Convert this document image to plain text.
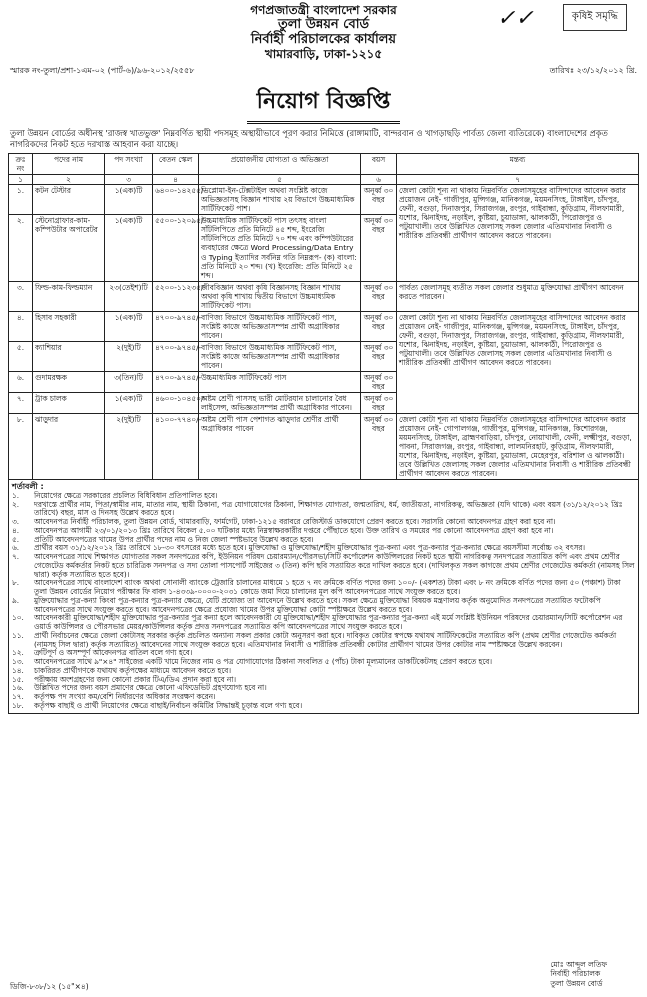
✓✓	কৃষিই সমৃদ্ধি
গণপ্রজাতন্ত্রী বাংলাদেশ সরকার
তুলা উন্নয়ন বোর্ড
নির্বাহী পরিচালকের কার্যালয়
খামারবাড়ি, ঢাকা-১২১৫
স্মারক নং-তুলা/প্রশা-১এম-০২ (পার্ট-৬)/৯৬-২০১২/২৫৫৮	তারিখঃ ২৩/১২/২০১২ খ্রি.
নিয়োগ বিজ্ঞপ্তি
তুলা উন্নয়ন বোর্ডের অধীনস্থ 'রাজস্ব খাতভুক্ত' নিম্নবর্ণিত স্থায়ী পদসমূহ অস্থায়ীভাবে পূরণ করার নিমিত্তে (রাঙ্গামাটি, বান্দরবান ও খাগড়াছড়ি পার্বত্য জেলা ব্যতিরেকে) বাংলাদেশের প্রকৃত নাগরিকদের নিকট হতে দরখাস্ত আহবান করা যাচ্ছে।
ক্রঃ নং	পদের নাম	পদ সংখ্যা	বেতন স্কেল	প্রয়োজনীয় যোগ্যতা ও অভিজ্ঞতা	বয়স	মন্তব্য
১	২	৩	৪	৫	৬	৭
১.	কটন টেস্টার	১(এক)টি	৬৪০০-১৪২৫৫/-	ডিপ্লোমা-ইন-টেক্সটাইল অথবা সংশ্লিষ্ট কাজে অভিজ্ঞতাসহ বিজ্ঞান শাখায় ২য় বিভাগে উচ্চমাধ্যমিক সার্টিফিকেট পাশ।	অনূর্ধ্ব ৩০ বছর	জেলা কোটা শূন্য না থাকায় নিম্নবর্ণিত জেলাসমূহের বাসিন্দাদের আবেদন করার প্রয়োজন নেই- গাজীপুর, মুন্সিগঞ্জ, মানিকগঞ্জ, ময়মনসিংহ, টাঙ্গাইল, চাঁদপুর, ফেনী, বগুড়া, দিনাজপুর, সিরাজগঞ্জ, রংপুর, গাইবান্ধা, কুড়িগ্রাম, নীলফামারী, যশোর, ঝিনাইদহ, নড়াইল, কুষ্টিয়া, চুয়াডাঙ্গা, ঝালকাঠী, পিরোজপুর ও পটুয়াখালী। তবে উল্লিখিত জেলাসহ সকল জেলার এতিমখানার নিবাসী ও শারীরিক প্রতিবন্ধী প্রার্থীগণ আবেদন করতে পারবেন।
২.	স্টেনোগ্রাফার-কাম-কম্পিউটার অপারেটর	১(এক)টি	৫৫০০-১২০৯৫/-	উচ্চমাধ্যমিক সার্টিফিকেট পাস তৎসহ বাংলা সাঁটলিপিতে প্রতি মিনিটে ৪৫ শব্দ, ইংরেজি সাঁটলিপিতে প্রতি মিনিটে ৭০ শব্দ এবং কম্পিউটারের ব্যবহারের ক্ষেত্রে Word Processing/Data Entry ও Typing ইত্যাদির সর্বনিম্ন গতি নিম্নরূপ- (ক) বাংলা: প্রতি মিনিটে ২০ শব্দ। (খ) ইংরেজি: প্রতি মিনিটে ২৫ শব্দ।	অনূর্ধ্ব ৩০ বছর	
৩.	ফিল্ড-কাম-ফিল্ডম্যান	২৩(তেইশ)টি	৫২০০-১১২৩৫/-	জীববিজ্ঞান অথবা কৃষি বিজ্ঞানসহ বিজ্ঞান শাখায় অথবা কৃষি শাখায় দ্বিতীয় বিভাগে উচ্চমাধ্যমিক সার্টিফিকেট পাস।	অনূর্ধ্ব ৩০ বছর	পার্বত্য জেলাসমূহ ব্যতীত সকল জেলার শুধুমাত্র মুক্তিযোদ্ধা প্রার্থীগণ আবেদন করতে পারবেন।
৪.	হিসাব সহকারী	১(এক)টি	৪৭০০-৯৭৪৫/-	বাণিজ্য বিভাগে উচ্চমাধ্যমিক সার্টিফিকেট পাস, সংশ্লিষ্ট কাজে অভিজ্ঞতাসম্পন্ন প্রার্থী অগ্রাধিকার পাবেন।	অনূর্ধ্ব ৩০ বছর	জেলা কোটা শূন্য না থাকায় নিম্নবর্ণিত জেলাসমূহের বাসিন্দাদের আবেদন করার প্রয়োজন নেই- গাজীপুর, মানিকগঞ্জ, মুন্সিগঞ্জ, ময়মনসিংহ, টাঙ্গাইল, চাঁদপুর, ফেনী, বগুড়া, দিনাজপুর, সিরাজগঞ্জ, রংপুর, গাইবান্ধা, কুড়িগ্রাম, নীলফামারী, যশোর, ঝিনাইদহ, নড়াইল, কুষ্টিয়া, চুয়াডাঙ্গা, ঝালকাঠী, পিরোজপুর ও পটুয়াখালী। তবে উল্লিখিত জেলাসহ সকল জেলার এতিমখানার নিবাসী ও শারীরিক প্রতিবন্ধী প্রার্থীগণ আবেদন করতে পারবেন।
৫.	ক্যাশিয়ার	২(দুই)টি	৪৭০০-৯৭৪৫/-	বাণিজ্য বিভাগে উচ্চমাধ্যমিক সার্টিফিকেট পাস, সংশ্লিষ্ট কাজে অভিজ্ঞতাসম্পন্ন প্রার্থী অগ্রাধিকার পাবেন।	অনূর্ধ্ব ৩০ বছর	
৬.	গুদামরক্ষক	৩(তিন)টি	৪৭০০-৯৭৪৫/-	উচ্চমাধ্যমিক সার্টিফিকেট পাস	অনূর্ধ্ব ৩০ বছর	
৭.	ট্রাক চালক	১(এক)টি	৪৬০০-১০৪৫০/-	অষ্টম শ্রেণী পাসসহ ভারী মোটরযান চালানোর বৈধ লাইসেন্স, অভিজ্ঞতাসম্পন্ন প্রার্থী অগ্রাধিকার পাবেন।	অনূর্ধ্ব ৩০ বছর	
৮.	ঝাড়ুদার	২(দুই)টি	৪১০০-৭৭৪০/-	অষ্টম শ্রেণী পাস পেশাগত ঝাড়ুদার শ্রেণীর প্রার্থী অগ্রাধিকার পাবেন	অনূর্ধ্ব ৩০ বছর	জেলা কোটা শূন্য না থাকায় নিম্নবর্ণিত জেলাসমূহের বাসিন্দাদের আবেদন করার প্রয়োজন নেই- গোপালগঞ্জ, গাজীপুর, মুন্সিগঞ্জ, মানিকগঞ্জ, কিশোরগঞ্জ, ময়মনসিংহ, টাঙ্গাইল, ব্রাহ্মণবাড়িয়া, চাঁদপুর, নোয়াখালী, ফেনী, লক্ষ্মীপুর, বগুড়া, পাবনা, সিরাজগঞ্জ, রংপুর, গাইবান্ধা, লালমনিরহাট, কুড়িগ্রাম, নীলফামারী, যশোর, ঝিনাইদহ, নড়াইল, কুষ্টিয়া, চুয়াডাঙ্গা, মেহেরপুর, বরিশাল ও ঝালকাঠী। তবে উল্লিখিত জেলাসহ সকল জেলার এতিমখানার নিবাসী ও শারীরিক প্রতিবন্ধী প্রার্থীগণ আবেদন করতে পারবেন।
শর্তাবলী :
১.	নিয়োগের ক্ষেত্রে সরকারের প্রচলিত বিধিবিধান প্রতিপালিত হবে।
২.	দরখাস্তে প্রার্থীর নাম, পিতা/স্বামীর নাম, মাতার নাম, স্থায়ী ঠিকানা, পত্র যোগাযোগের ঠিকানা, শিক্ষাগত যোগ্যতা, জন্মতারিখ, ধর্ম, জাতীয়তা, নাগরিকত্ব, অভিজ্ঞতা (যদি থাকে) এবং বয়স (৩১/১২/২০১২ খ্রিঃ তারিখে) বছর, মাস ও দিনসহ উল্লেখ করতে হবে।
৩.	আবেদনপত্র নির্বাহী পরিচালক, তুলা উন্নয়ন বোর্ড, খামারবাড়ি, ফার্মগেট, ঢাকা-১২১৫ বরাবরে রেজিস্টার্ড ডাকযোগে প্রেরণ করতে হবে। সরাসরি কোনো আবেদনপত্র গ্রহণ করা হবে না।
৪.	আবেদনপত্র আগামী ২৩/০১/২০১৩ খ্রিঃ তারিখে বিকেল ৫.০০ ঘটিকার মধ্যে নিম্নস্বাক্ষরকারীর দপ্তরে পৌঁছাতে হবে। উক্ত তারিখ ও সময়ের পর কোনো আবেদনপত্র গ্রহণ করা হবে না।
৫.	প্রতিটি আবেদনপত্রের খামের উপর প্রার্থীর পদের নাম ও নিজ জেলা স্পষ্টভাবে উল্লেখ করতে হবে।
৬.	প্রার্থীর বয়স ৩১/১২/২০১২ খ্রিঃ তারিখে ১৮-৩০ বৎসরের মধ্যে হতে হবে। মুক্তিযোদ্ধা ও মুক্তিযোদ্ধা/শহীদ মুক্তিযোদ্ধার পুত্র-কন্যা এবং পুত্র-কন্যার পুত্র-কন্যার ক্ষেত্রে বয়সসীমা সর্বোচ্চ ৩২ বৎসর।
৭.	আবেদনপত্রের সাথে শিক্ষাগত যোগ্যতার সকল সনদপত্রের কপি, ইউনিয়ন পরিষদ চেয়ারম্যান/পৌরসভা/সিটি কর্পোরেশন কাউন্সিলরের নিকট হতে স্থায়ী নাগরিকত্ব সনদপত্রের সত্যায়িত কপি এবং প্রথম শ্রেণীর গেজেটেড কর্মকর্তার নিকট হতে চারিত্রিক সনদপত্র ও সদ্য তোলা পাসপোর্ট সাইজের ৩ (তিন) কপি ছবি সত্যায়িত করে দাখিল করতে হবে। (দাখিলকৃত সকল কাগজে প্রথম শ্রেণীর গেজেটেড কর্মকর্তা (নামসহ সিল দ্বারা) কর্তৃক সত্যায়িত হতে হবে)।
৮.	আবেদনপত্রের সাথে বাংলাদেশ ব্যাংক অথবা সোনালী ব্যাংকে ট্রেজারি চালানের মাধ্যমে ১ হতে ৭ নং ক্রমিকে বর্ণিত পদের জন্য ১০০/- (একশত) টাকা এবং ৮ নং ক্রমিকে বর্ণিত পদের জন্য ৫০ (পঞ্চাশ) টাকা তুলা উন্নয়ন বোর্ডের নিয়োগ পরীক্ষার ফি বাবদ ১-৪৩৩৯-০০০০-২০৩১ কোডে জমা দিয়ে চালানের মূল কপি আবেদনপত্রের সাথে সংযুক্ত করতে হবে।
৯.	মুক্তিযোদ্ধার পুত্র-কন্যা কিংবা পুত্র-কন্যার পুত্র-কন্যার ক্ষেত্রে, যেটি প্রযোজ্য তা আবেদনে উল্লেখ করতে হবে। সকল ক্ষেত্রে মুক্তিযোদ্ধা বিষয়ক মন্ত্রণালয় কর্তৃক অনুমোদিত সনদপত্রের সত্যায়িত ফটোকপি আবেদনপত্রের সাথে সংযুক্ত করতে হবে। আবেদনপত্রের ক্ষেত্রে প্রযোজ্য খামের উপর মুক্তিযোদ্ধা কোটা স্পষ্টাক্ষরে উল্লেখ করতে হবে।
১০.	আবেদনকারী মুক্তিযোদ্ধা/শহীদ মুক্তিযোদ্ধার পুত্র-কন্যার পুত্র কন্যা হলে আবেদনকারী যে মুক্তিযোদ্ধা/শহীদ মুক্তিযোদ্ধার পুত্র-কন্যার পুত্র-কন্যা এই মর্মে সংশ্লিষ্ট ইউনিয়ন পরিষদের চেয়ারম্যান/সিটি কর্পোরেশন এর ওয়ার্ড কাউন্সিলর ও পৌরসভার মেয়র/কাউন্সিলর কর্তৃক প্রদত্ত সনদপত্রের সত্যায়িত কপি আবেদনপত্রের সাথে সংযুক্ত করতে হবে।
১১.	প্রার্থী নির্বাচনের ক্ষেত্রে জেলা কোটাসহ সরকার কর্তৃক প্রচলিত অন্যান্য সকল প্রকার কোটা অনুসরণ করা হবে। দাবিকৃত কোটার স্বপক্ষে যথাযথ সার্টিফিকেটের সত্যায়িত কপি (প্রথম শ্রেণীর গেজেটেড কর্মকর্তা (নামসহ সিল দ্বারা) কর্তৃক সত্যায়িত) আবেদনের সাথে সংযুক্ত করতে হবে। এতিমখানার নিবাসী ও শারীরিক প্রতিবন্ধী কোটার প্রার্থীগণ খামের উপর কোটার নাম স্পষ্টাক্ষরে উল্লেখ করবেন।
১২.	ত্রুটিপূর্ণ ও অসম্পূর্ণ আবেদনপত্র বাতিল বলে গণ্য হবে।
১৩.	আবেদনপত্রের সাথে ৯"×৪" সাইজের একটি খামে নিজের নাম ও পত্র যোগাযোগের ঠিকানা সংবলিত ৫ (পাঁচ) টাকা মূল্যমানের ডাকটিকেটসহ প্রেরণ করতে হবে।
১৪.	চাকরিরত প্রার্থীগণকে যথাযথ কর্তৃপক্ষের মাধ্যমে আবেদন করতে হবে।
১৫.	পরীক্ষায় অংশগ্রহণের জন্য কোনো প্রকার টিএ/ডিএ প্রদান করা হবে না।
১৬.	উল্লিখিত পদের জন্য বয়স প্রমাণের ক্ষেত্রে কোনো এফিডেভিট গ্রহণযোগ্য হবে না।
১৭.	কর্তৃপক্ষ পদ সংখ্যা কম/বেশি নির্ধারণের অধিকার সংরক্ষণ করেন।
১৮.	কর্তৃপক্ষ বাছাই ও প্রার্থী নিয়োগের ক্ষেত্রে বাছাই/নির্বাচন কমিটির সিদ্ধান্তই চূড়ান্ত বলে গণ্য হবে।
মোঃ আব্দুল লতিফ
নির্বাহী পরিচালক
তুলা উন্নয়ন বোর্ড
ডিজি-৮৩৮/১২ (১৫"×৪)
